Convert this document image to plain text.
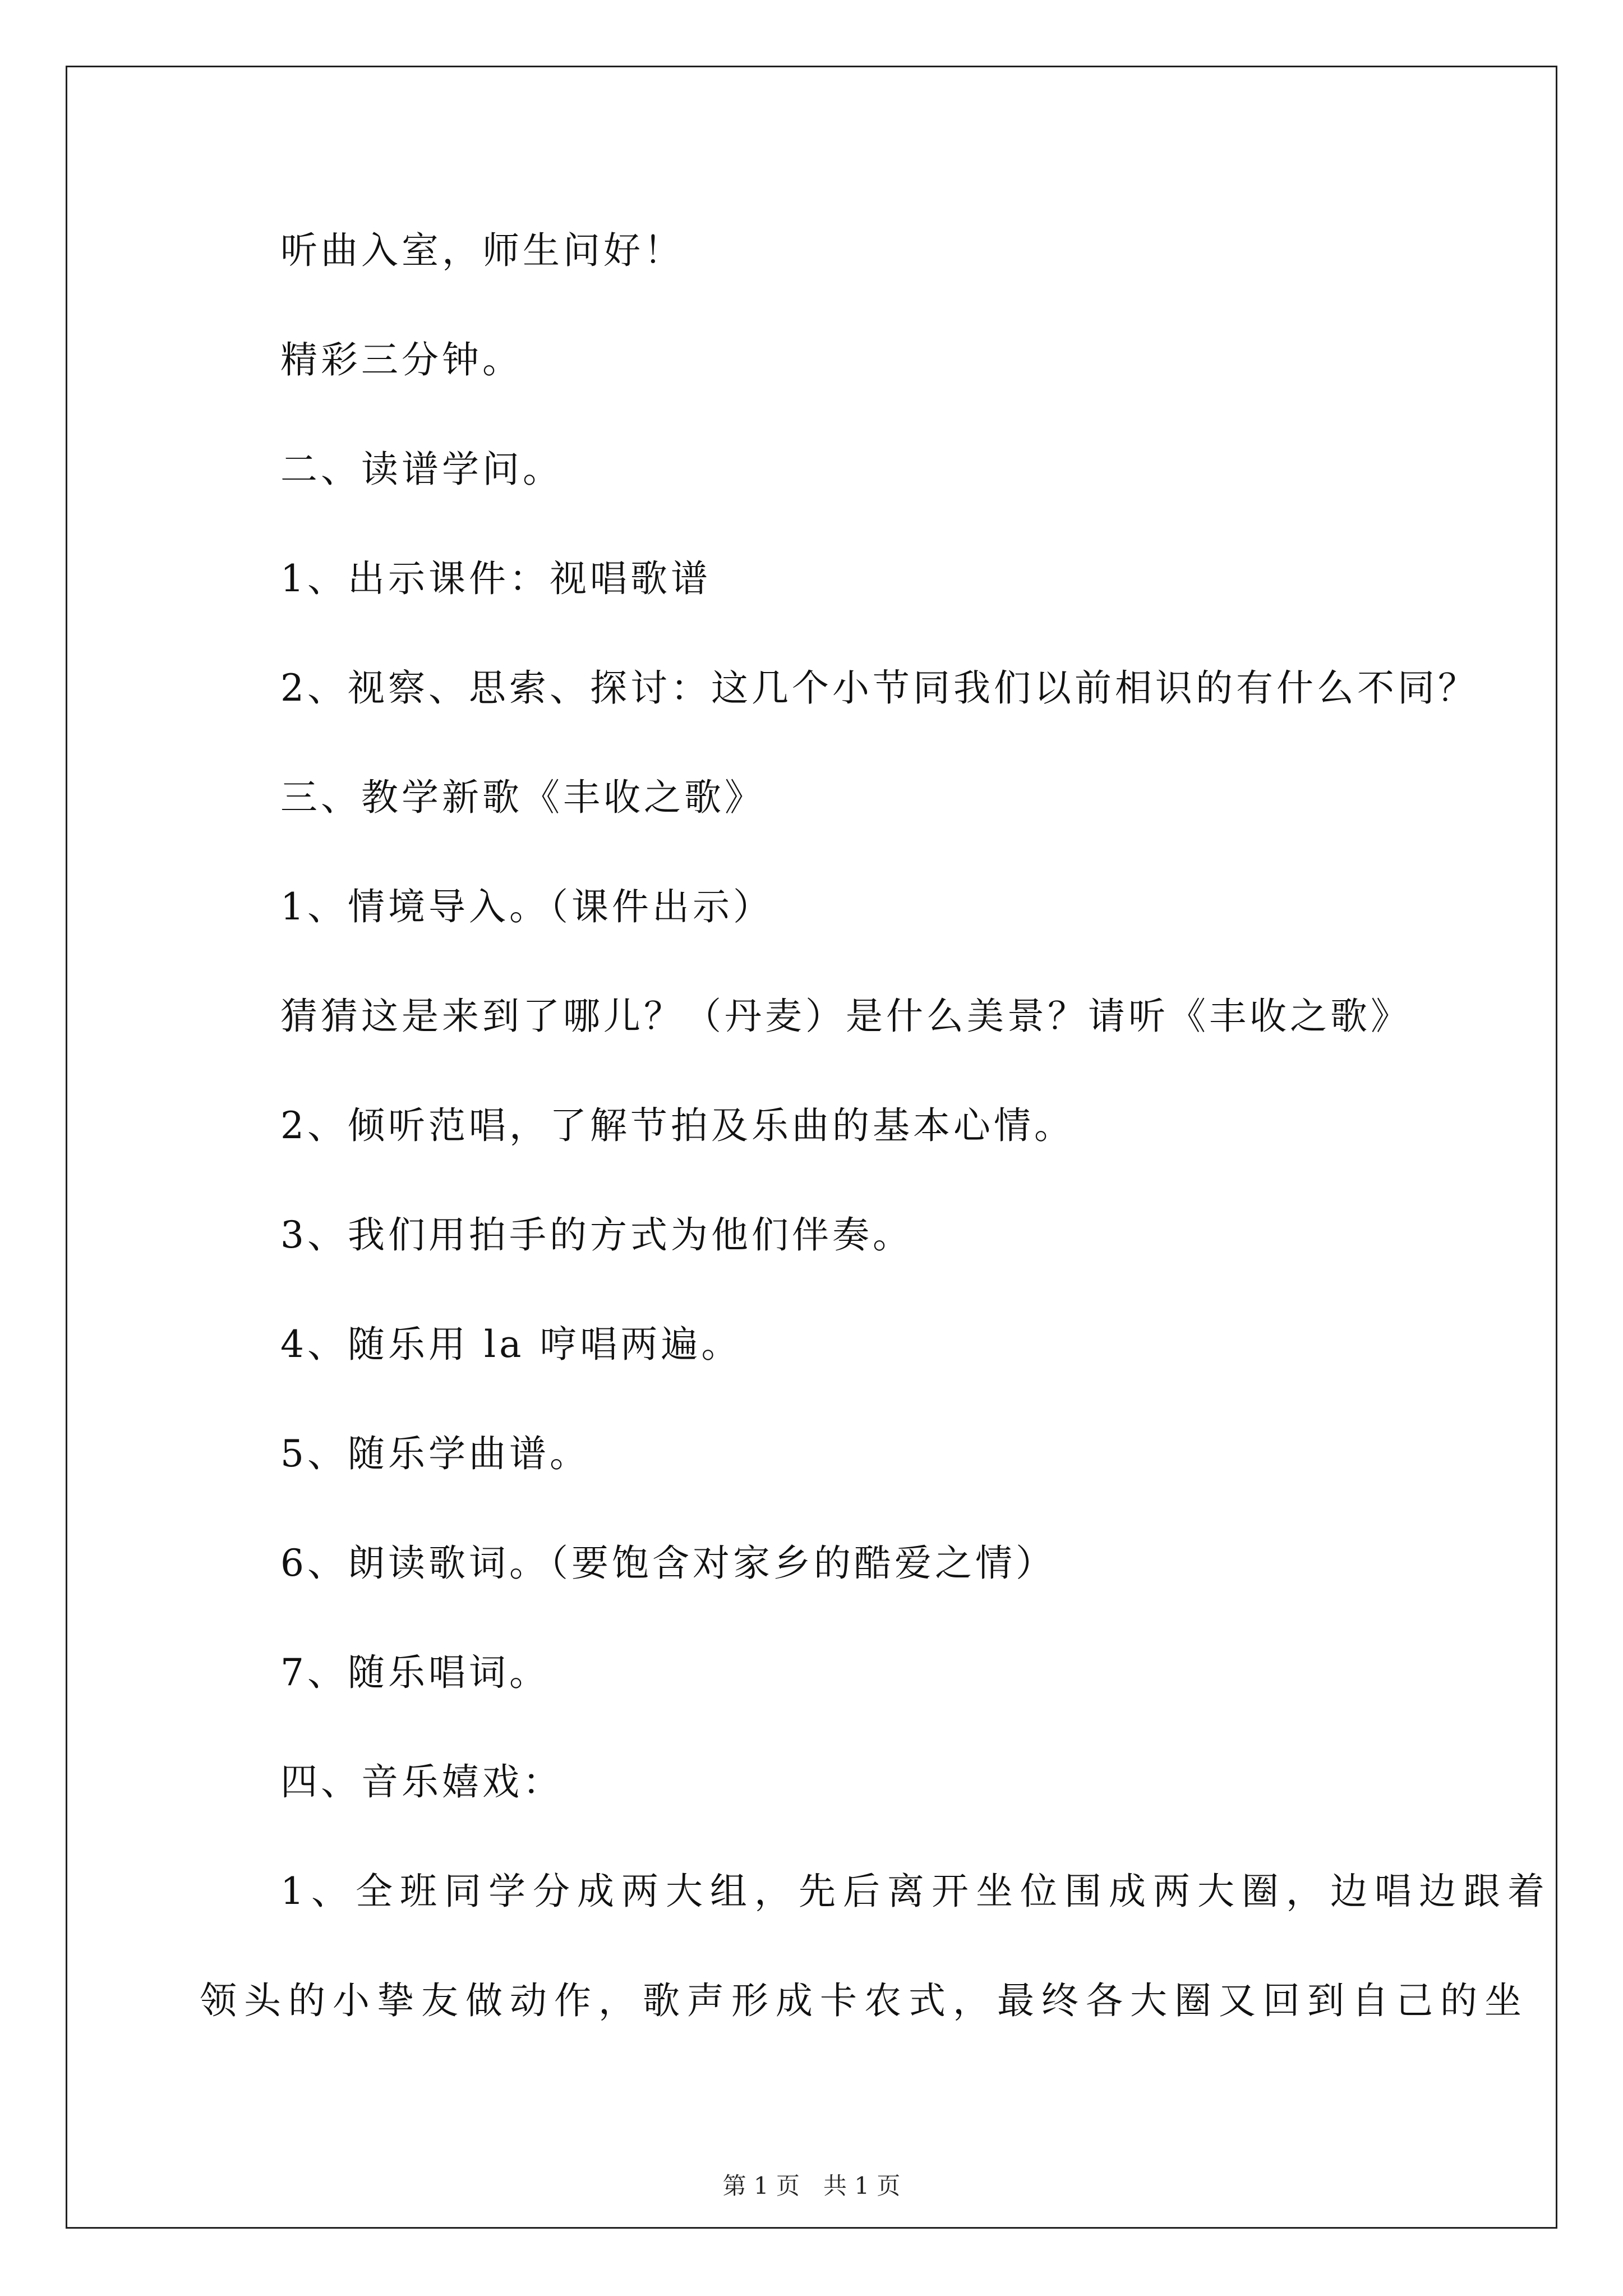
听曲入室，师生问好！
精彩三分钟。
二、读谱学问。
1、出示课件：视唱歌谱
2、视察、思索、探讨：这几个小节同我们以前相识的有什么不同？
三、教学新歌《丰收之歌》
1、情境导入。（课件出示）
猜猜这是来到了哪儿？（丹麦）是什么美景？请听《丰收之歌》
2、倾听范唱，了解节拍及乐曲的基本心情。
3、我们用拍手的方式为他们伴奏。
4、随乐用 la 哼唱两遍。
5、随乐学曲谱。
6、朗读歌词。（要饱含对家乡的酷爱之情）
7、随乐唱词。
四、音乐嬉戏：
1、全班同学分成两大组，先后离开坐位围成两大圈，边唱边跟着
领头的小挚友做动作，歌声形成卡农式，最终各大圈又回到自己的坐
第 1 页　共 1 页
